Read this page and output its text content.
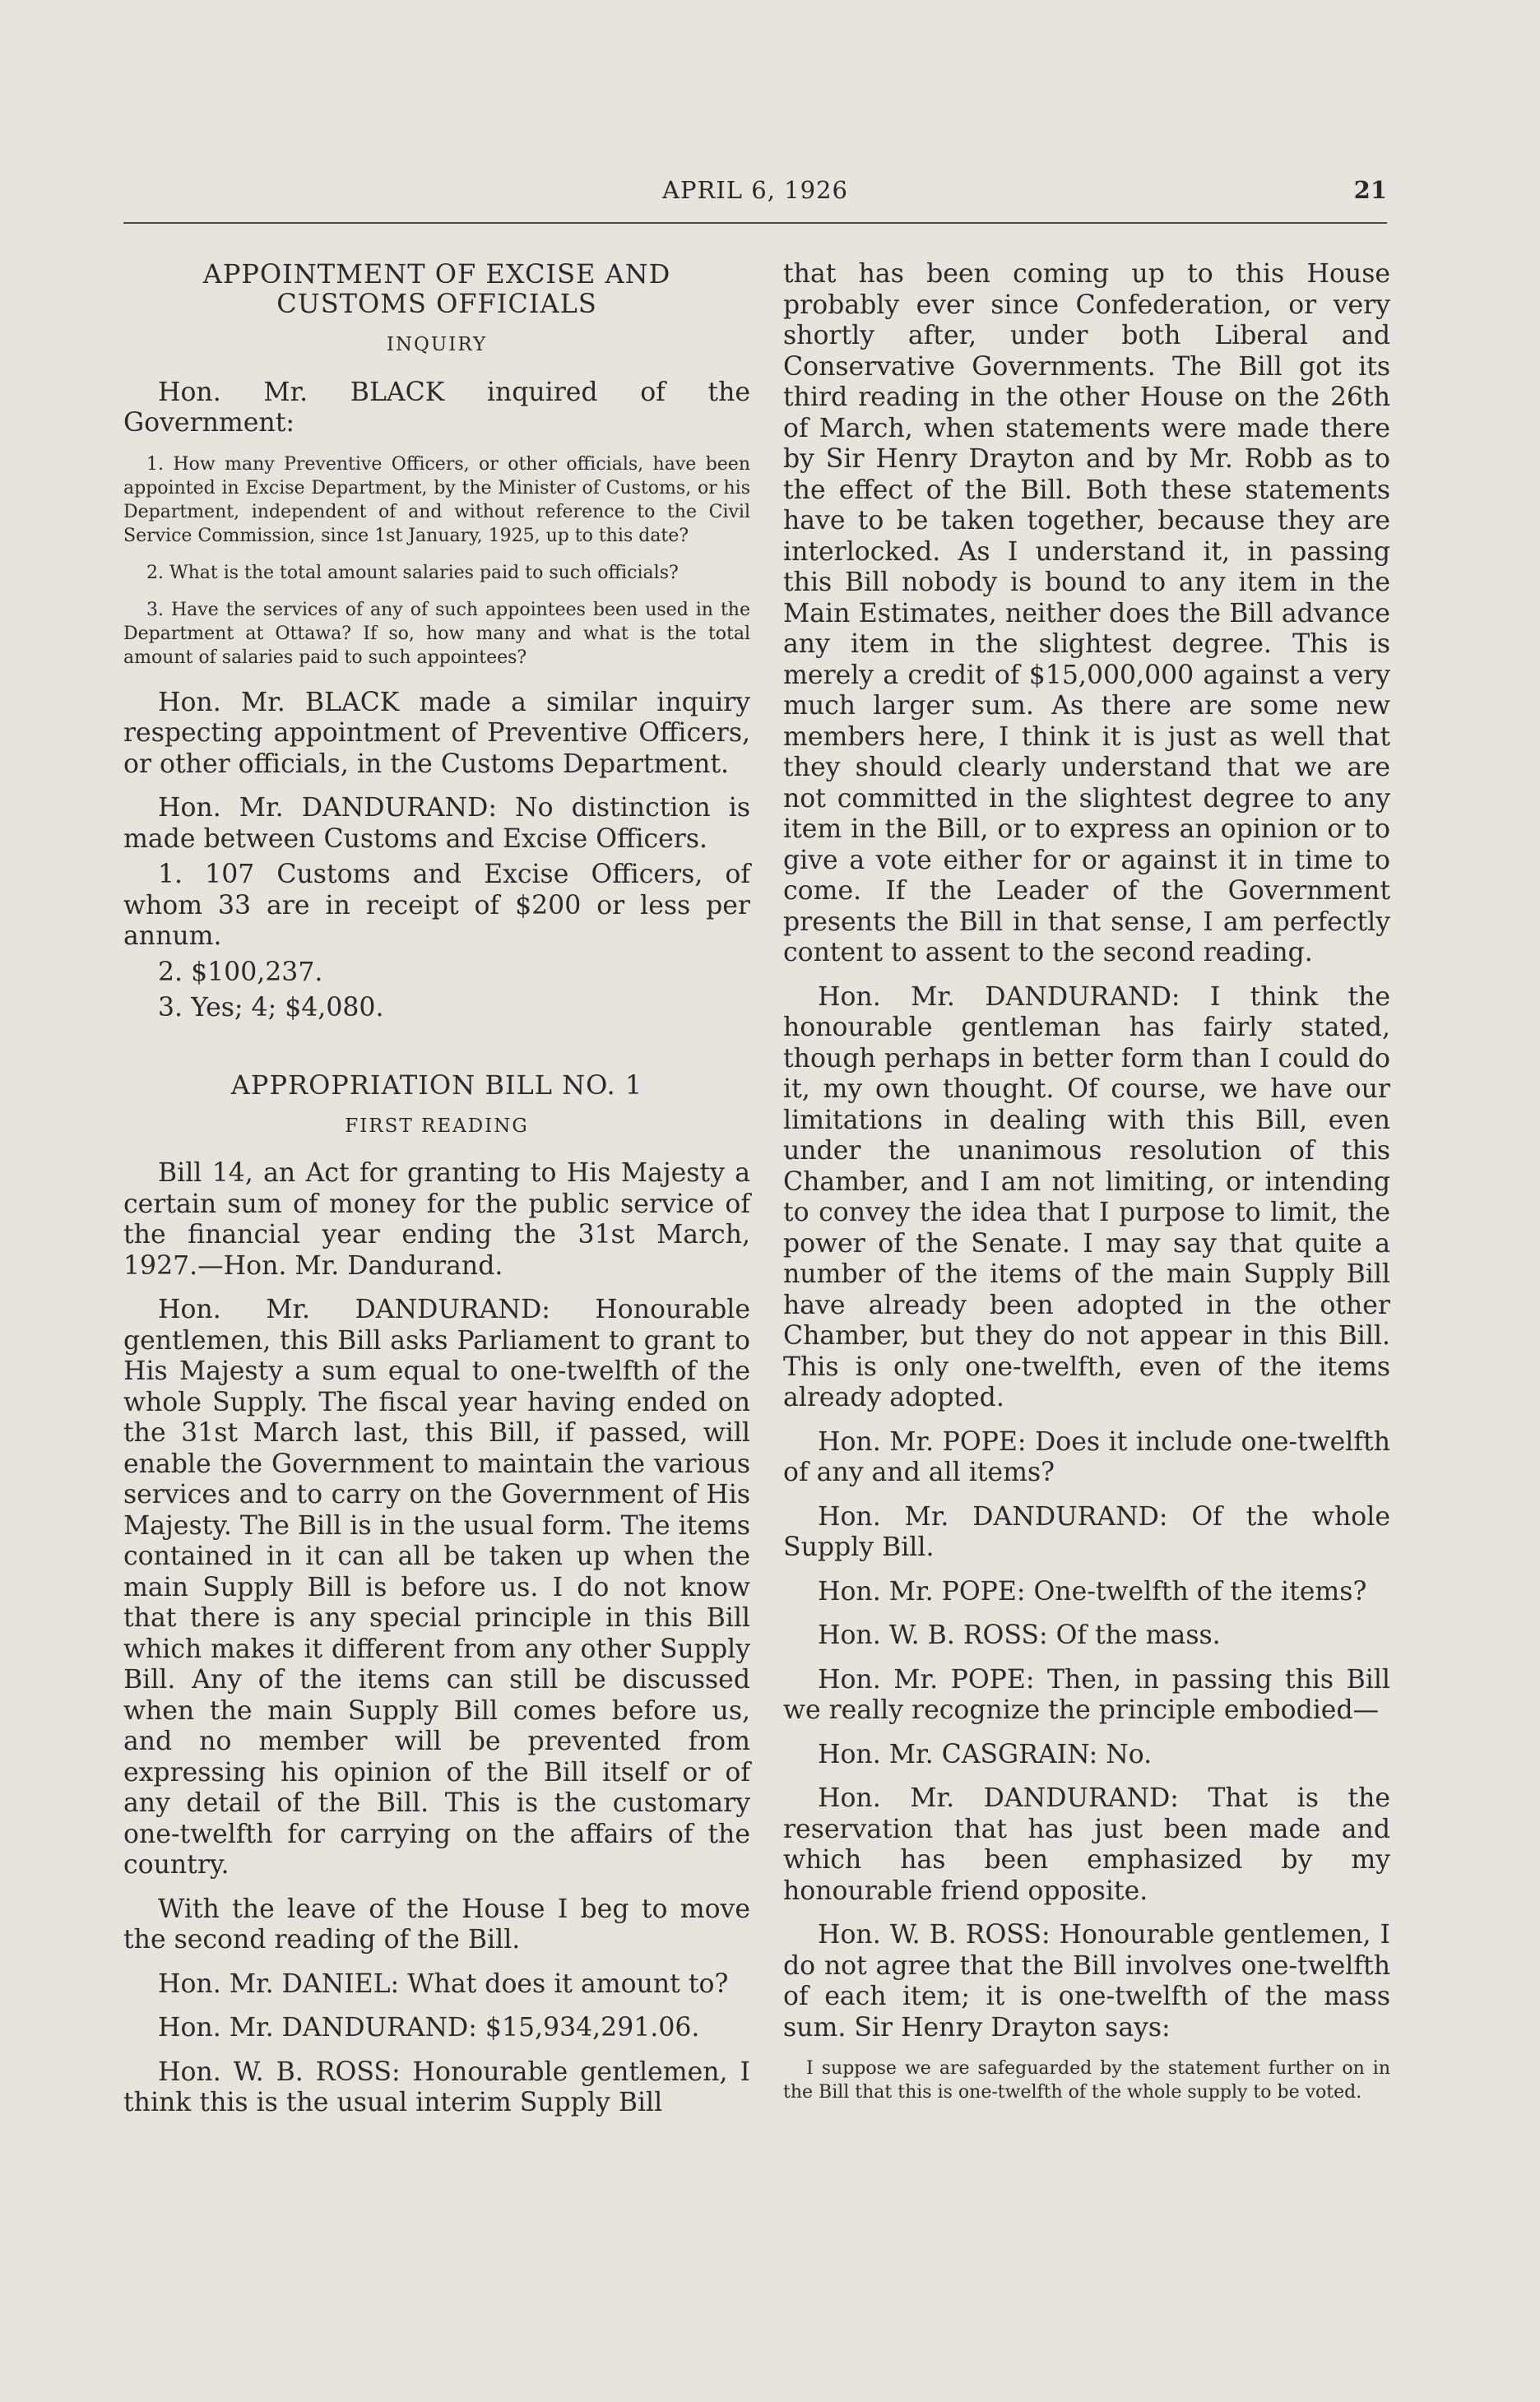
APRIL 6, 1926	21
APPOINTMENT OF EXCISE AND CUSTOMS OFFICIALS
INQUIRY

Hon. Mr. BLACK inquired of the Government:

1. How many Preventive Officers, or other officials, have been appointed in Excise Department, by the Minister of Customs, or his Department, independent of and without reference to the Civil Service Commission, since 1st January, 1925, up to this date?

2. What is the total amount salaries paid to such officials?

3. Have the services of any of such appointees been used in the Department at Ottawa? If so, how many and what is the total amount of salaries paid to such appointees?

Hon. Mr. BLACK made a similar inquiry respecting appointment of Preventive Officers, or other officials, in the Customs Department.

Hon. Mr. DANDURAND: No distinction is made between Customs and Excise Officers.

1. 107 Customs and Excise Officers, of whom 33 are in receipt of $200 or less per annum.

2. $100,237.

3. Yes; 4; $4,080.

APPROPRIATION BILL NO. 1
FIRST READING

Bill 14, an Act for granting to His Majesty a certain sum of money for the public service of the financial year ending the 31st March, 1927.—Hon. Mr. Dandurand.

Hon. Mr. DANDURAND: Honourable gentlemen, this Bill asks Parliament to grant to His Majesty a sum equal to one-twelfth of the whole Supply. The fiscal year having ended on the 31st March last, this Bill, if passed, will enable the Government to maintain the various services and to carry on the Government of His Majesty. The Bill is in the usual form. The items contained in it can all be taken up when the main Supply Bill is before us. I do not know that there is any special principle in this Bill which makes it different from any other Supply Bill. Any of the items can still be discussed when the main Supply Bill comes before us, and no member will be prevented from expressing his opinion of the Bill itself or of any detail of the Bill. This is the customary one-twelfth for carrying on the affairs of the country.

With the leave of the House I beg to move the second reading of the Bill.

Hon. Mr. DANIEL: What does it amount to?

Hon. Mr. DANDURAND: $15,934,291.06.

Hon. W. B. ROSS: Honourable gentlemen, I think this is the usual interim Supply Bill

that has been coming up to this House probably ever since Confederation, or very shortly after, under both Liberal and Conservative Governments. The Bill got its third reading in the other House on the 26th of March, when statements were made there by Sir Henry Drayton and by Mr. Robb as to the effect of the Bill. Both these statements have to be taken together, because they are interlocked. As I understand it, in passing this Bill nobody is bound to any item in the Main Estimates, neither does the Bill advance any item in the slightest degree. This is merely a credit of $15,000,000 against a very much larger sum. As there are some new members here, I think it is just as well that they should clearly understand that we are not committed in the slightest degree to any item in the Bill, or to express an opinion or to give a vote either for or against it in time to come. If the Leader of the Government presents the Bill in that sense, I am perfectly content to assent to the second reading.

Hon. Mr. DANDURAND: I think the honourable gentleman has fairly stated, though perhaps in better form than I could do it, my own thought. Of course, we have our limitations in dealing with this Bill, even under the unanimous resolution of this Chamber, and I am not limiting, or intending to convey the idea that I purpose to limit, the power of the Senate. I may say that quite a number of the items of the main Supply Bill have already been adopted in the other Chamber, but they do not appear in this Bill. This is only one-twelfth, even of the items already adopted.

Hon. Mr. POPE: Does it include one-twelfth of any and all items?

Hon. Mr. DANDURAND: Of the whole Supply Bill.

Hon. Mr. POPE: One-twelfth of the items?

Hon. W. B. ROSS: Of the mass.

Hon. Mr. POPE: Then, in passing this Bill we really recognize the principle embodied—

Hon. Mr. CASGRAIN: No.

Hon. Mr. DANDURAND: That is the reservation that has just been made and which has been emphasized by my honourable friend opposite.

Hon. W. B. ROSS: Honourable gentlemen, I do not agree that the Bill involves one-twelfth of each item; it is one-twelfth of the mass sum. Sir Henry Drayton says:

I suppose we are safeguarded by the statement further on in the Bill that this is one-twelfth of the whole supply to be voted.
